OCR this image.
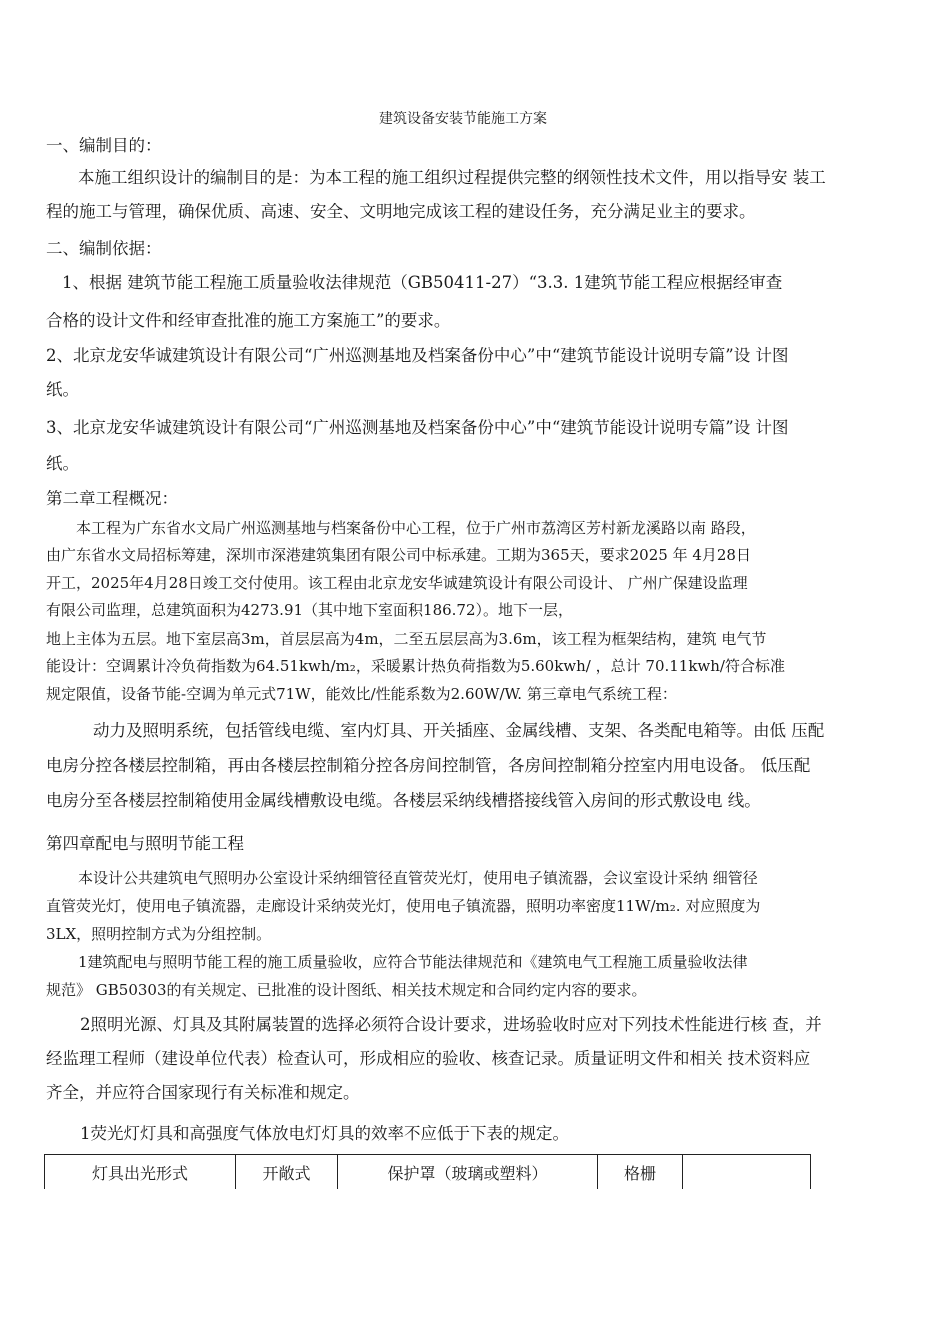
建筑设备安装节能施工方案
一、编制目的：
本施工组织设计的编制目的是：为本工程的施工组织过程提供完整的纲领性技术文件，用以指导安 装工
程的施工与管理，确保优质、高速、安全、文明地完成该工程的建设任务，充分满足业主的要求。
二、编制依据：
1、根据 建筑节能工程施工质量验收法律规范（GB50411-27）“3.3. 1建筑节能工程应根据经审查
合格的设计文件和经审查批准的施工方案施工”的要求。
2、北京龙安华诚建筑设计有限公司“广州巡测基地及档案备份中心”中“建筑节能设计说明专篇”设 计图
纸。
3、北京龙安华诚建筑设计有限公司“广州巡测基地及档案备份中心”中“建筑节能设计说明专篇”设 计图
纸。
第二章工程概况：
本工程为广东省水文局广州巡测基地与档案备份中心工程，位于广州市荔湾区芳村新龙溪路以南 路段，
由广东省水文局招标筹建，深圳市深港建筑集团有限公司中标承建。工期为365天，要求2025 年 4月28日
开工，2025年4月28日竣工交付使用。该工程由北京龙安华诚建筑设计有限公司设计、 广州广保建设监理
有限公司监理，总建筑面积为4273.91（其中地下室面积186.72）。地下一层，
地上主体为五层。地下室层高3m，首层层高为4m，二至五层层高为3.6m，该工程为框架结构，建筑 电气节
能设计：空调累计冷负荷指数为64.51kwh/m₂，采暖累计热负荷指数为5.60kwh/ ，总计 70.11kwh/符合标准
规定限值，设备节能-空调为单元式71W，能效比/性能系数为2.60W/W. 第三章电气系统工程：
动力及照明系统，包括管线电缆、室内灯具、开关插座、金属线槽、支架、各类配电箱等。由低 压配
电房分控各楼层控制箱，再由各楼层控制箱分控各房间控制管，各房间控制箱分控室内用电设备。 低压配
电房分至各楼层控制箱使用金属线槽敷设电缆。各楼层采纳线槽搭接线管入房间的形式敷设电 线。
第四章配电与照明节能工程
本设计公共建筑电气照明办公室设计采纳细管径直管荧光灯，使用电子镇流器，会议室设计采纳 细管径
直管荧光灯，使用电子镇流器，走廊设计采纳荧光灯，使用电子镇流器，照明功率密度11W/m₂. 对应照度为
3LX，照明控制方式为分组控制。
1建筑配电与照明节能工程的施工质量验收，应符合节能法律规范和《建筑电气工程施工质量验收法律
规范》 GB50303的有关规定、已批准的设计图纸、相关技术规定和合同约定内容的要求。
2照明光源、灯具及其附属装置的选择必须符合设计要求，进场验收时应对下列技术性能进行核 查，并
经监理工程师（建设单位代表）检查认可，形成相应的验收、核查记录。质量证明文件和相关 技术资料应
齐全，并应符合国家现行有关标准和规定。
1荧光灯灯具和高强度气体放电灯灯具的效率不应低于下表的规定。
灯具出光形式	开敞式	保护罩（玻璃或塑料）	格栅	
